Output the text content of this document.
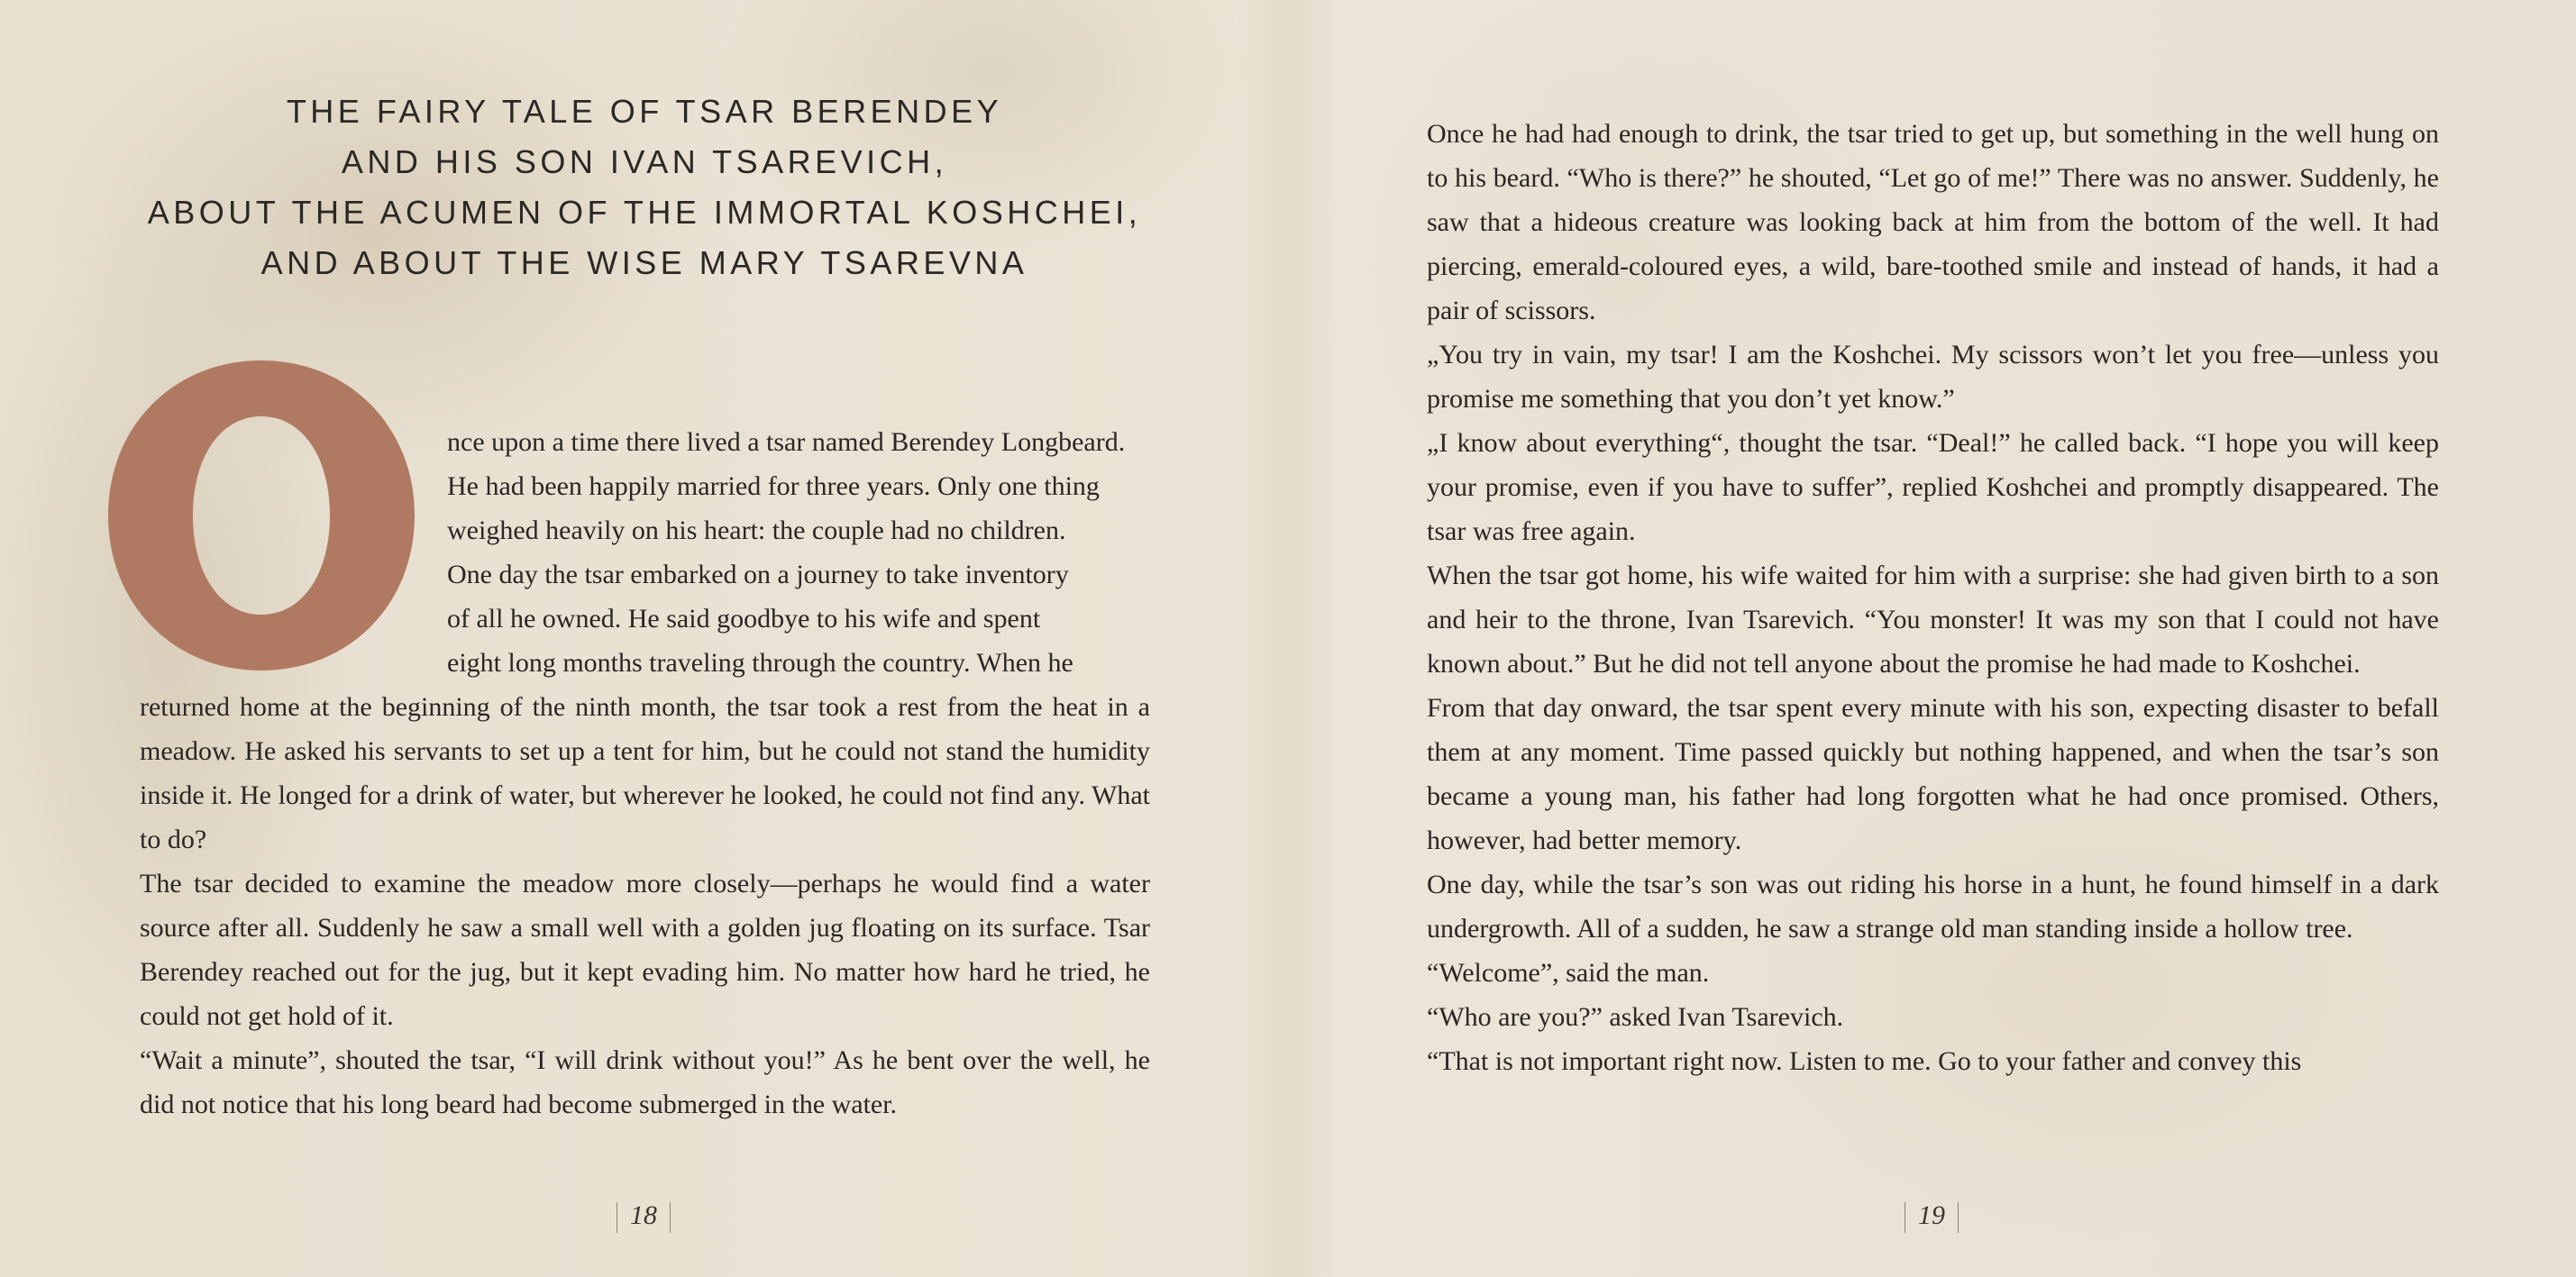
THE FAIRY TALE OF TSAR BERENDEY
AND HIS SON IVAN TSAREVICH,
ABOUT THE ACUMEN OF THE IMMORTAL KOSHCHEI,
AND ABOUT THE WISE MARY TSAREVNA

nce upon a time there lived a tsar named Berendey Longbeard.

He had been happily married for three years. Only one thing

weighed heavily on his heart: the couple had no children.

One day the tsar embarked on a journey to take inventory

of all he owned. He said goodbye to his wife and spent

eight long months traveling through the country. When he

returned home at the beginning of the ninth month, the tsar took a rest from the heat in a meadow. He asked his servants to set up a tent for him, but he could not stand the humidity inside it. He longed for a drink of water, but wherever he looked, he could not find any. What to do?

The tsar decided to examine the meadow more closely—perhaps he would find a water source after all. Suddenly he saw a small well with a golden jug floating on its surface. Tsar Berendey reached out for the jug, but it kept evading him. No matter how hard he tried, he could not get hold of it.

“Wait a minute”, shouted the tsar, “I will drink without you!” As he bent over the well, he did not notice that his long beard had become submerged in the water.

18

Once he had had enough to drink, the tsar tried to get up, but something in the well hung on to his beard. “Who is there?” he shouted, “Let go of me!” There was no answer. Suddenly, he saw that a hideous creature was looking back at him from the bottom of the well. It had piercing, emerald-coloured eyes, a wild, bare-toothed smile and instead of hands, it had a pair of scissors.

„You try in vain, my tsar! I am the Koshchei. My scissors won’t let you free—unless you promise me something that you don’t yet know.”

„I know about everything“, thought the tsar. “Deal!” he called back. “I hope you will keep your promise, even if you have to suffer”, replied Koshchei and promptly disappeared. The tsar was free again.

When the tsar got home, his wife waited for him with a surprise: she had given birth to a son and heir to the throne, Ivan Tsarevich. “You monster! It was my son that I could not have known about.” But he did not tell anyone about the promise he had made to Koshchei.

From that day onward, the tsar spent every minute with his son, expecting disaster to befall them at any moment. Time passed quickly but nothing happened, and when the tsar’s son became a young man, his father had long forgotten what he had once promised. Others, however, had better memory.

One day, while the tsar’s son was out riding his horse in a hunt, he found himself in a dark undergrowth. All of a sudden, he saw a strange old man standing inside a hollow tree.

“Welcome”, said the man.

“Who are you?” asked Ivan Tsarevich.

“That is not important right now. Listen to me. Go to your father and convey this

19
